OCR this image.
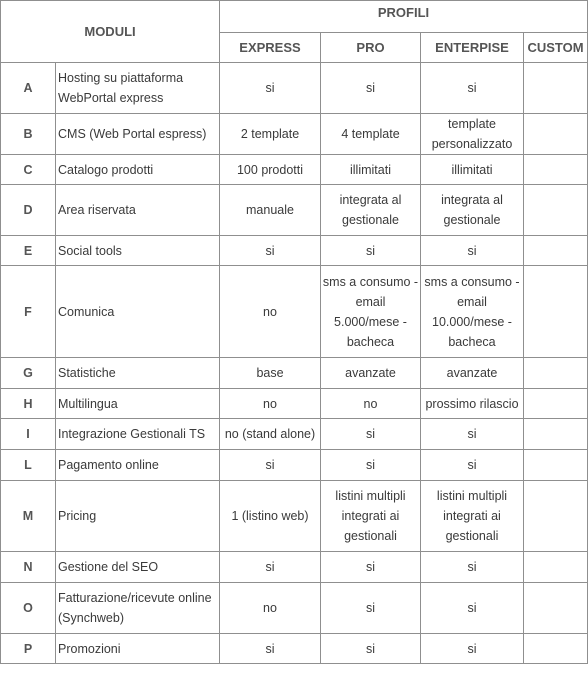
MODULI		PROFILI			
		EXPRESS	PRO	ENTERPISE	CUSTOM
A	Hosting su piattaforma WebPortal express	si	si	si	
B	CMS (Web Portal espress)	2 template	4 template	template personalizzato	
C	Catalogo prodotti	100 prodotti	illimitati	illimitati	
D	Area riservata	manuale	integrata al gestionale	integrata al gestionale	
E	Social tools	si	si	si	
F	Comunica	no	sms a consumo - email 5.000/mese - bacheca	sms a consumo - email 10.000/mese - bacheca	
G	Statistiche	base	avanzate	avanzate	
H	Multilingua	no	no	prossimo rilascio	
I	Integrazione Gestionali TS	no (stand alone)	si	si	
L	Pagamento online	si	si	si	
M	Pricing	1 (listino web)	listini multipli integrati ai gestionali	listini multipli integrati ai gestionali	
N	Gestione del SEO	si	si	si	
O	Fatturazione/ricevute online (Synchweb)	no	si	si	
P	Promozioni	si	si	si	
